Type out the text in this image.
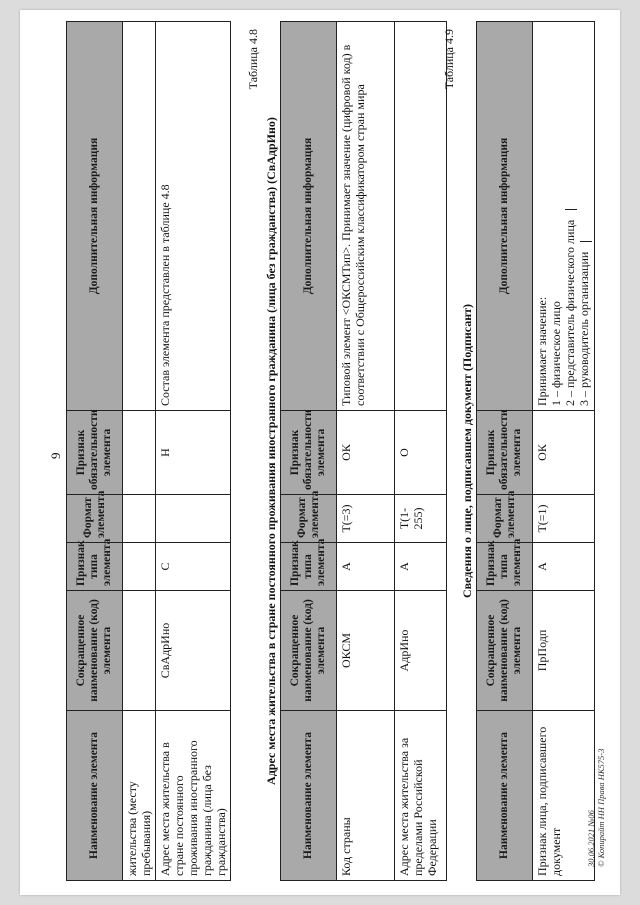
9
Наименование элемента	Сокращенное наименование (код) элемента	Признак типа элемента	Формат элемента	Признак обязательности элемента	Дополнительная информация
жительства (месту пребывания)					
Адрес места жительства в стране постоянного проживания иностранного гражданина (лица без гражданства)	СвАдрИно	С		Н	Состав элемента представлен в таблице 4.8
Таблица 4.8
Адрес места жительства в стране постоянного проживания иностранного гражданина (лица без гражданства) (СвАдрИно)
Наименование элемента	Сокращенное наименование (код) элемента	Признак типа элемента	Формат элемента	Признак обязательности элемента	Дополнительная информация
Код страны	ОКСМ	А	Т(=3)	ОК	Типовой элемент <ОКСМТип>. Принимает значение (цифровой код) в соответствии с Общероссийским классификатором стран мира
Адрес места жительства за пределами Российской Федерации	АдрИно	А	Т(1-255)	О	
Таблица 4.9
Сведения о лице, подписавшем документ (Подписант)
Наименование элемента	Сокращенное наименование (код) элемента	Признак типа элемента	Формат элемента	Признак обязательности элемента	Дополнительная информация
Признак лица, подписавшего документ	ПрПодп	А	Т(=1)	ОК	Принимает значение: 1 – физическое лицо 2 – представитель физического лица 3 – руководитель организации
30.06.2021 №06 © Копирайт НН Права НК575-3
